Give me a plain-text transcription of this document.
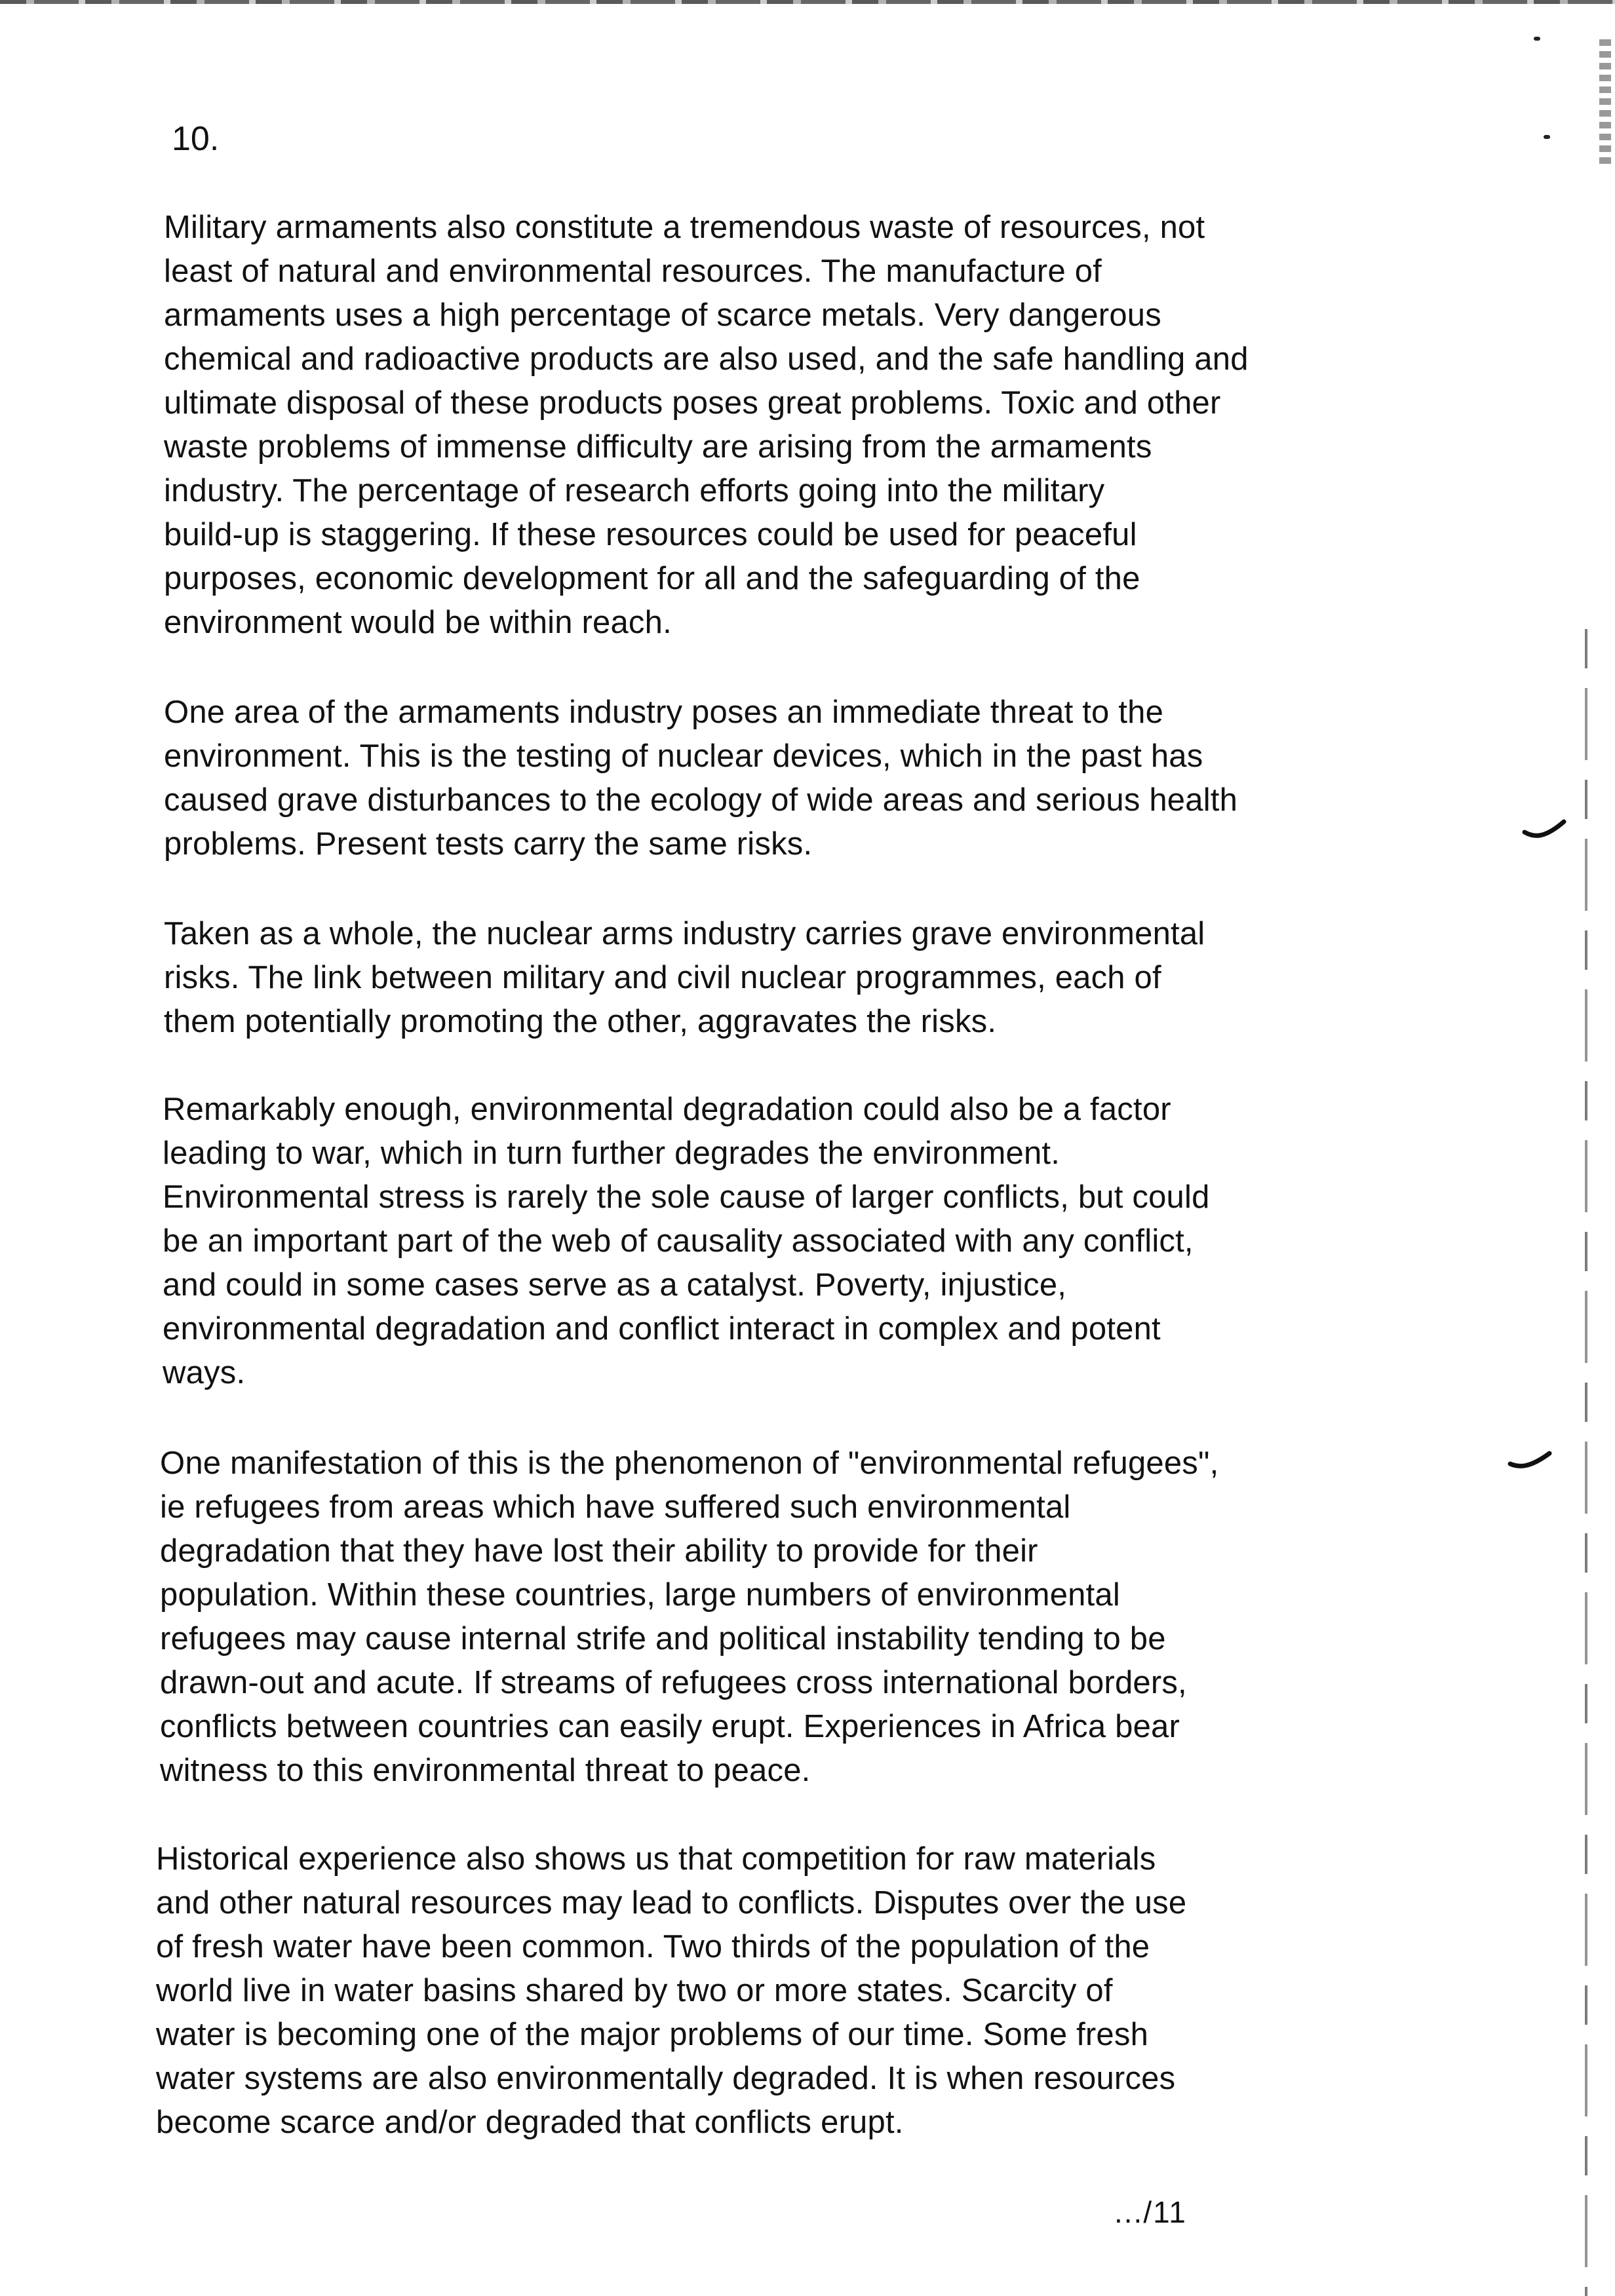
10.

Military armaments also constitute a tremendous waste of resources, not
least of natural and environmental resources. The manufacture of
armaments uses a high percentage of scarce metals. Very dangerous
chemical and radioactive products are also used, and the safe handling and
ultimate disposal of these products poses great problems. Toxic and other
waste problems of immense difficulty are arising from the armaments
industry. The percentage of research efforts going into the military
build-up is staggering. If these resources could be used for peaceful
purposes, economic development for all and the safeguarding of the
environment would be within reach.

One area of the armaments industry poses an immediate threat to the
environment. This is the testing of nuclear devices, which in the past has
caused grave disturbances to the ecology of wide areas and serious health
problems. Present tests carry the same risks.

Taken as a whole, the nuclear arms industry carries grave environmental
risks. The link between military and civil nuclear programmes, each of
them potentially promoting the other, aggravates the risks.

Remarkably enough, environmental degradation could also be a factor
leading to war, which in turn further degrades the environment.
Environmental stress is rarely the sole cause of larger conflicts, but could
be an important part of the web of causality associated with any conflict,
and could in some cases serve as a catalyst. Poverty, injustice,
environmental degradation and conflict interact in complex and potent
ways.

One manifestation of this is the phenomenon of "environmental refugees",
ie refugees from areas which have suffered such environmental
degradation that they have lost their ability to provide for their
population. Within these countries, large numbers of environmental
refugees may cause internal strife and political instability tending to be
drawn-out and acute. If streams of refugees cross international borders,
conflicts between countries can easily erupt. Experiences in Africa bear
witness to this environmental threat to peace.

Historical experience also shows us that competition for raw materials
and other natural resources may lead to conflicts. Disputes over the use
of fresh water have been common. Two thirds of the population of the
world live in water basins shared by two or more states. Scarcity of
water is becoming one of the major problems of our time. Some fresh
water systems are also environmentally degraded. It is when resources
become scarce and/or degraded that conflicts erupt.

.../11
